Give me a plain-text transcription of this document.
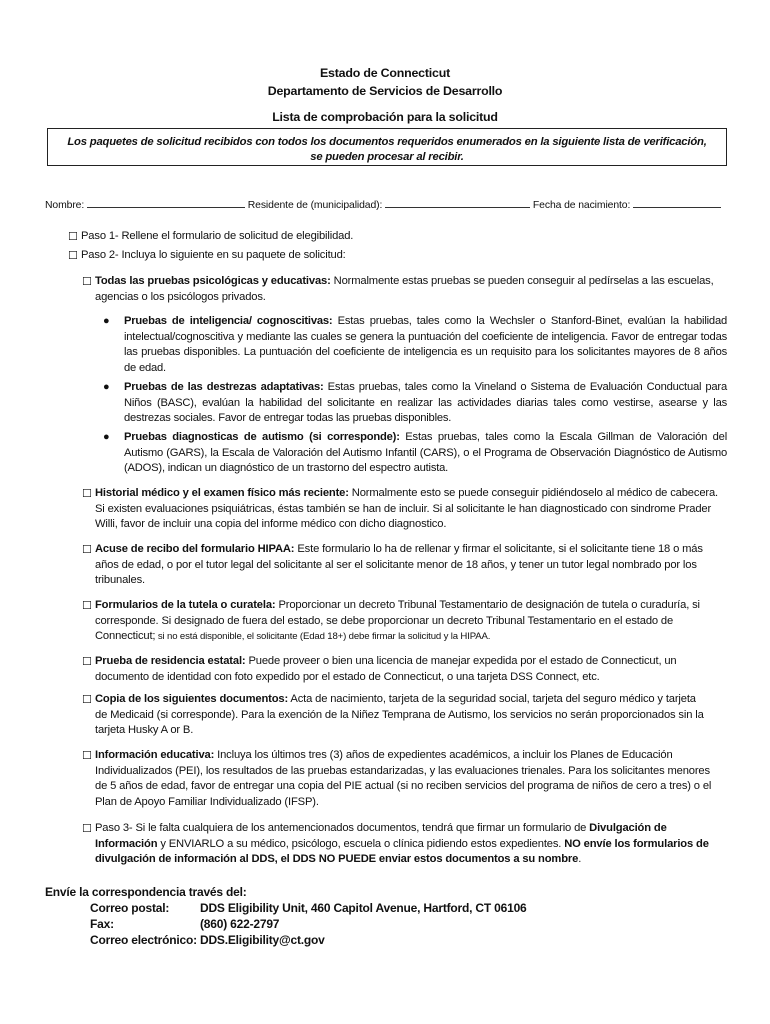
Estado de Connecticut
Departamento de Servicios de Desarrollo
Lista de comprobación para la solicitud
Los paquetes de solicitud recibidos con todos los documentos requeridos enumerados en la siguiente lista de verificación,
se pueden procesar al recibir.
Nombre:	Residente de (municipalidad):	Fecha de nacimiento:
☐ Paso 1- Rellene el formulario de solicitud de elegibilidad.
☐ Paso 2- Incluya lo siguiente en su paquete de solicitud:
☐ Todas las pruebas psicológicas y educativas: Normalmente estas pruebas se pueden conseguir al pedírselas a las escuelas, agencias o los psicólogos privados.
● Pruebas de inteligencia/ cognoscitivas: Estas pruebas, tales como la Wechsler o Stanford-Binet, evalúan la habilidad intelectual/cognoscitiva y mediante las cuales se genera la puntuación del coeficiente de inteligencia. Favor de entregar todas las pruebas disponibles. La puntuación del coeficiente de inteligencia es un requisito para los solicitantes mayores de 8 años de edad.
● Pruebas de las destrezas adaptativas: Estas pruebas, tales como la Vineland o Sistema de Evaluación Conductual para Niños (BASC), evalúan la habilidad del solicitante en realizar las actividades diarias tales como vestirse, asearse y las destrezas sociales. Favor de entregar todas las pruebas disponibles.
● Pruebas diagnosticas de autismo (si corresponde): Estas pruebas, tales como la Escala Gillman de Valoración del Autismo (GARS), la Escala de Valoración del Autismo Infantil (CARS), o el Programa de Observación Diagnóstico de Autismo (ADOS), indican un diagnóstico de un trastorno del espectro autista.
☐ Historial médico y el examen físico más reciente: Normalmente esto se puede conseguir pidiéndoselo al médico de cabecera. Si existen evaluaciones psiquiátricas, éstas también se han de incluir. Si al solicitante le han diagnosticado con sindrome Prader Willi, favor de incluir una copia del informe médico con dicho diagnostico.
☐ Acuse de recibo del formulario HIPAA: Este formulario lo ha de rellenar y firmar el solicitante, si el solicitante tiene 18 o más años de edad, o por el tutor legal del solicitante al ser el solicitante menor de 18 años, y tener un tutor legal nombrado por los tribunales.
☐ Formularios de la tutela o curatela: Proporcionar un decreto Tribunal Testamentario de designación de tutela o curaduría, si corresponde. Si designado de fuera del estado, se debe proporcionar un decreto Tribunal Testamentario en el estado de Connecticut; si no está disponible, el solicitante (Edad 18+) debe firmar la solicitud y la HIPAA.
☐ Prueba de residencia estatal: Puede proveer o bien una licencia de manejar expedida por el estado de Connecticut, un documento de identidad con foto expedido por el estado de Connecticut, o una tarjeta DSS Connect, etc.
☐ Copia de los siguientes documentos: Acta de nacimiento, tarjeta de la seguridad social, tarjeta del seguro médico y tarjeta de Medicaid (si corresponde). Para la exención de la Niñez Temprana de Autismo, los servicios no serán proporcionados sin la tarjeta Husky A or B.
☐ Información educativa: Incluya los últimos tres (3) años de expedientes académicos, a incluir los Planes de Educación Individualizados (PEI), los resultados de las pruebas estandarizadas, y las evaluaciones trienales. Para los solicitantes menores de 5 años de edad, favor de entregar una copia del PIE actual (si no reciben servicios del programa de niños de cero a tres) o el Plan de Apoyo Familiar Individualizado (IFSP).
☐ Paso 3- Si le falta cualquiera de los antemencionados documentos, tendrá que firmar un formulario de Divulgación de Información y ENVIARLO a su médico, psicólogo, escuela o clínica pidiendo estos expedientes. NO envíe los formularios de divulgación de información al DDS, el DDS NO PUEDE enviar estos documentos a su nombre.
Envíe la correspondencia través del:
Correo postal:	DDS Eligibility Unit, 460 Capitol Avenue, Hartford, CT 06106
Fax:	(860) 622-2797
Correo electrónico: DDS.Eligibility@ct.gov
